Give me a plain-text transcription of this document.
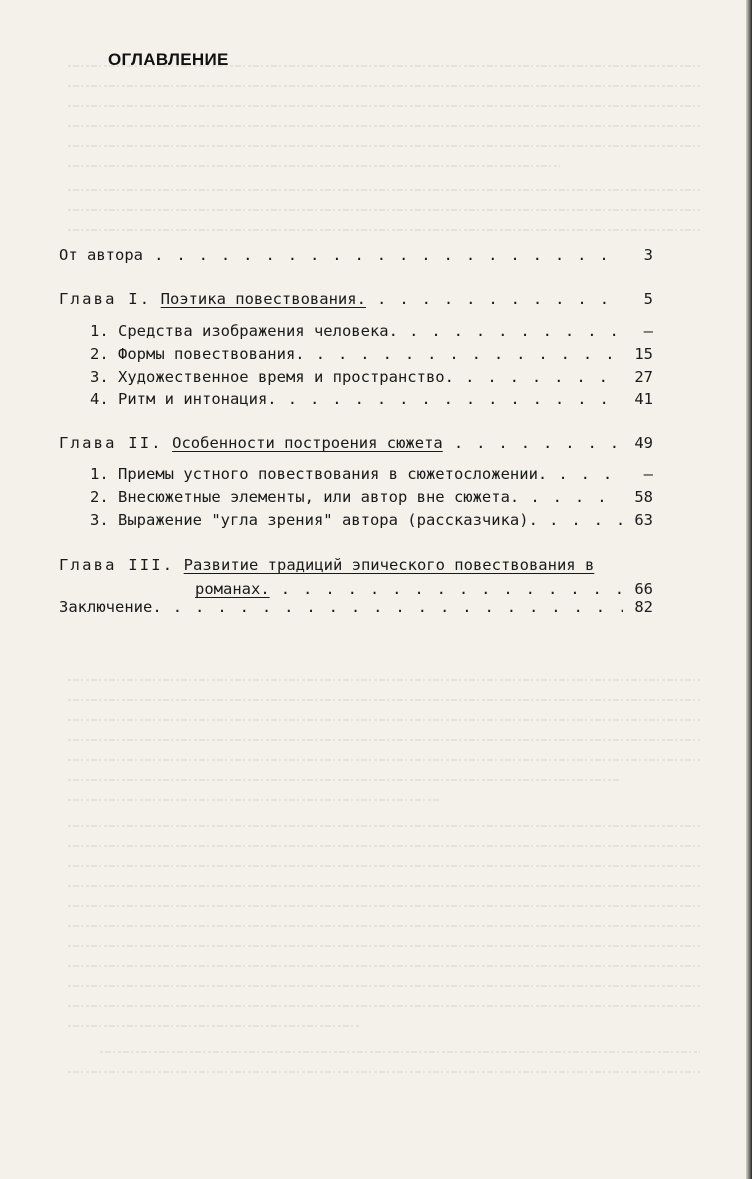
ОГЛАВЛЕНИЕ
От автора . . .	3
Глава I. Поэтика повествования. . . .	5
1. Средства изображения человека. . . .	–
2. Формы повествования. . . .	15
3. Художественное время и пространство. . . .	27
4. Ритм и интонация. . . .	41
Глава II. Особенности построения сюжета . . .	49
1. Приемы устного повествования в сюжетосложении. . . .	–
2. Внесюжетные элементы, или автор вне сюжета. . . .	58
3. Выражение "угла зрения" автора (рассказчика). . . .	63
Глава III. Развитие традиций эпического повествования в
романах. . . .	66
Заключение. . . .	82
